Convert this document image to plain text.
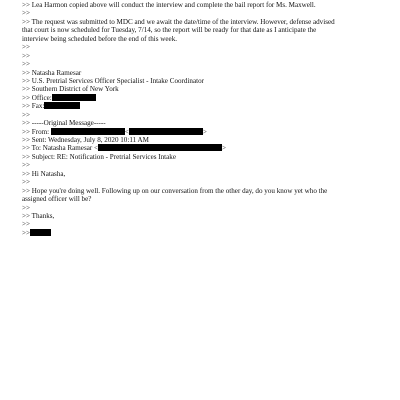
>> Lea Harmon copied above will conduct the interview and complete the bail report for Ms. Maxwell.
>>
>> The request was submitted to MDC and we await the date/time of the interview. However, defense advised
that court is now scheduled for Tuesday, 7/14, so the report will be ready for that date as I anticipate the
interview being scheduled before the end of this week.
>>
>>
>>
>> Natasha Ramesar
>> U.S. Pretrial Services Officer Specialist - Intake Coordinator
>> Southern District of New York
>> Office:
>> Fax:
>>
>> -----Original Message-----
>> From:	<	>
>> Sent: Wednesday, July 8, 2020 10:11 AM
>> To: Natasha Ramesar <	>
>> Subject: RE: Notification - Pretrial Services Intake
>>
>> Hi Natasha,
>>
>> Hope you're doing well. Following up on our conversation from the other day, do you know yet who the
assigned officer will be?
>>
>> Thanks,
>>
>>
